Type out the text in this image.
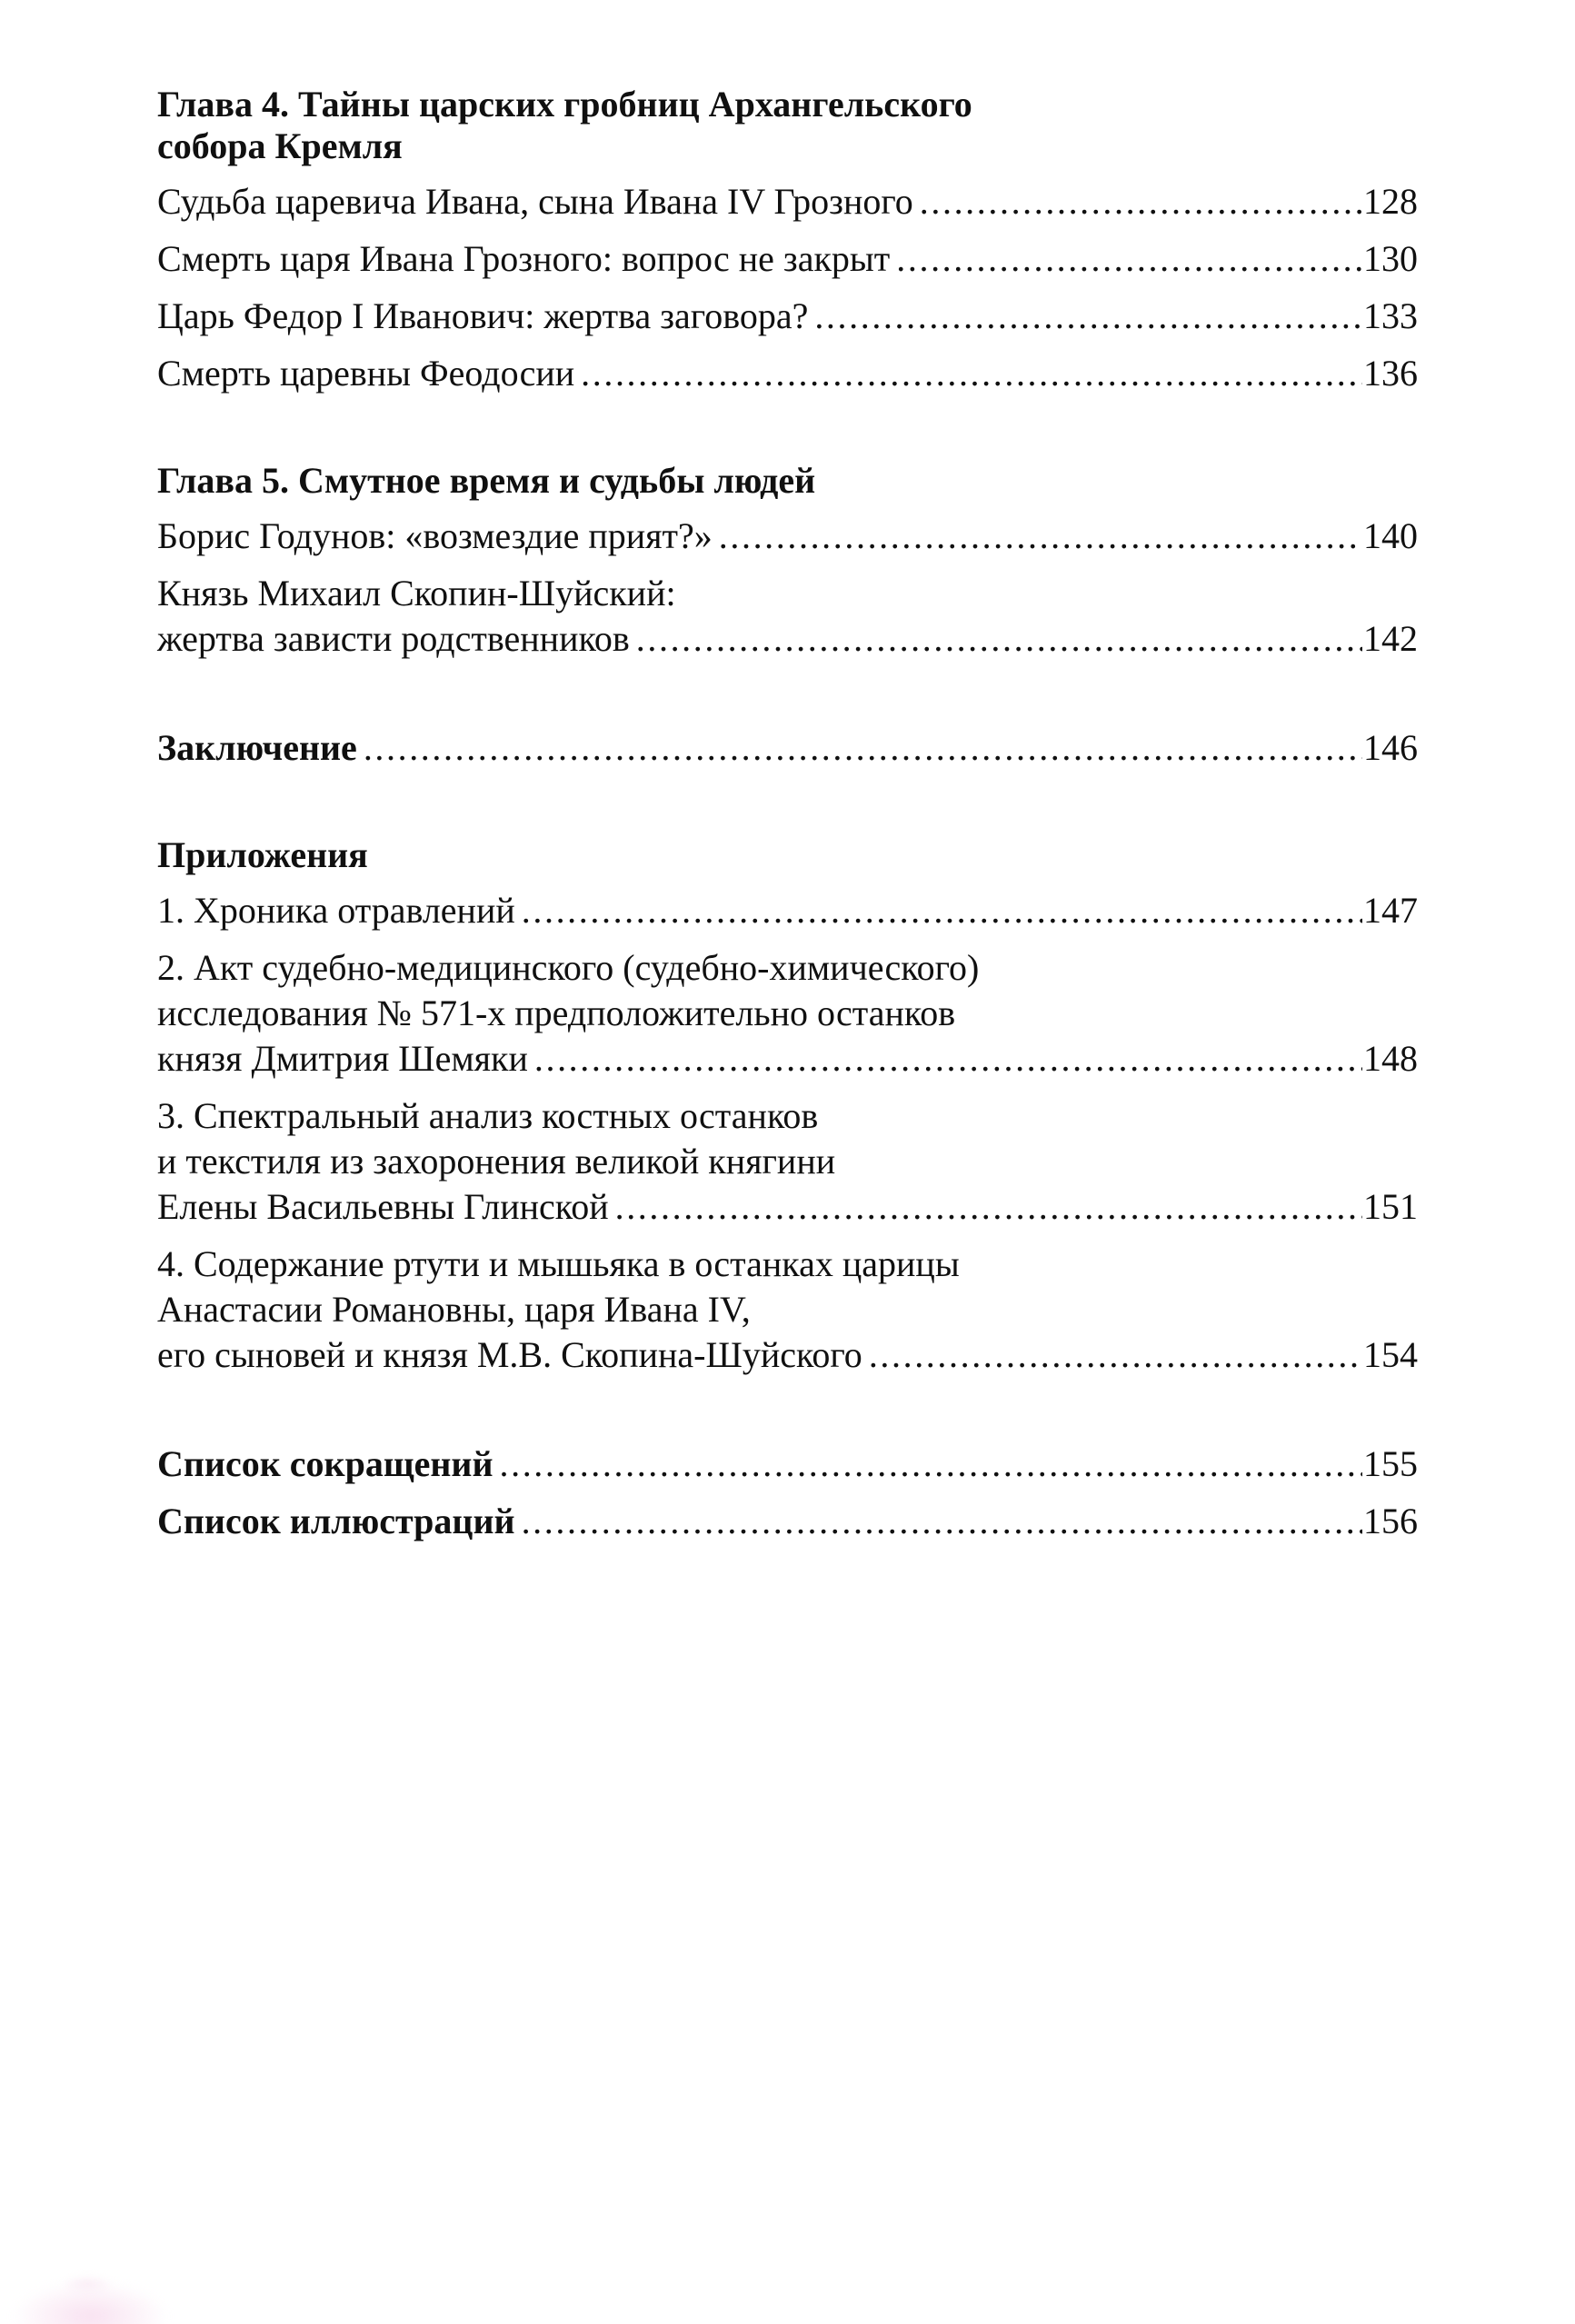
Глава 4. Тайны царских гробниц Архангельского
собора Кремля
Судьба царевича Ивана, сына Ивана IV Грозного .....	128
Смерть царя Ивана Грозного: вопрос не закрыт .....	130
Царь Федор I Иванович: жертва заговора? .....	133
Смерть царевны Феодосии .....	136
Глава 5. Смутное время и судьбы людей
Борис Годунов: «возмездие прият?» .....	140
Князь Михаил Скопин-Шуйский:
жертва зависти родственников .....	142
Заключение .....	146
Приложения
1. Хроника отравлений .....	147
2. Акт судебно-медицинского (судебно-химического)
исследования № 571-х предположительно останков
князя Дмитрия Шемяки .....	148
3. Спектральный анализ костных останков
и текстиля из захоронения великой княгини
Елены Васильевны Глинской .....	151
4. Содержание ртути и мышьяка в останках царицы
Анастасии Романовны, царя Ивана IV,
его сыновей и князя М.В. Скопина-Шуйского .....	154
Список сокращений .....	155
Список иллюстраций .....	156
